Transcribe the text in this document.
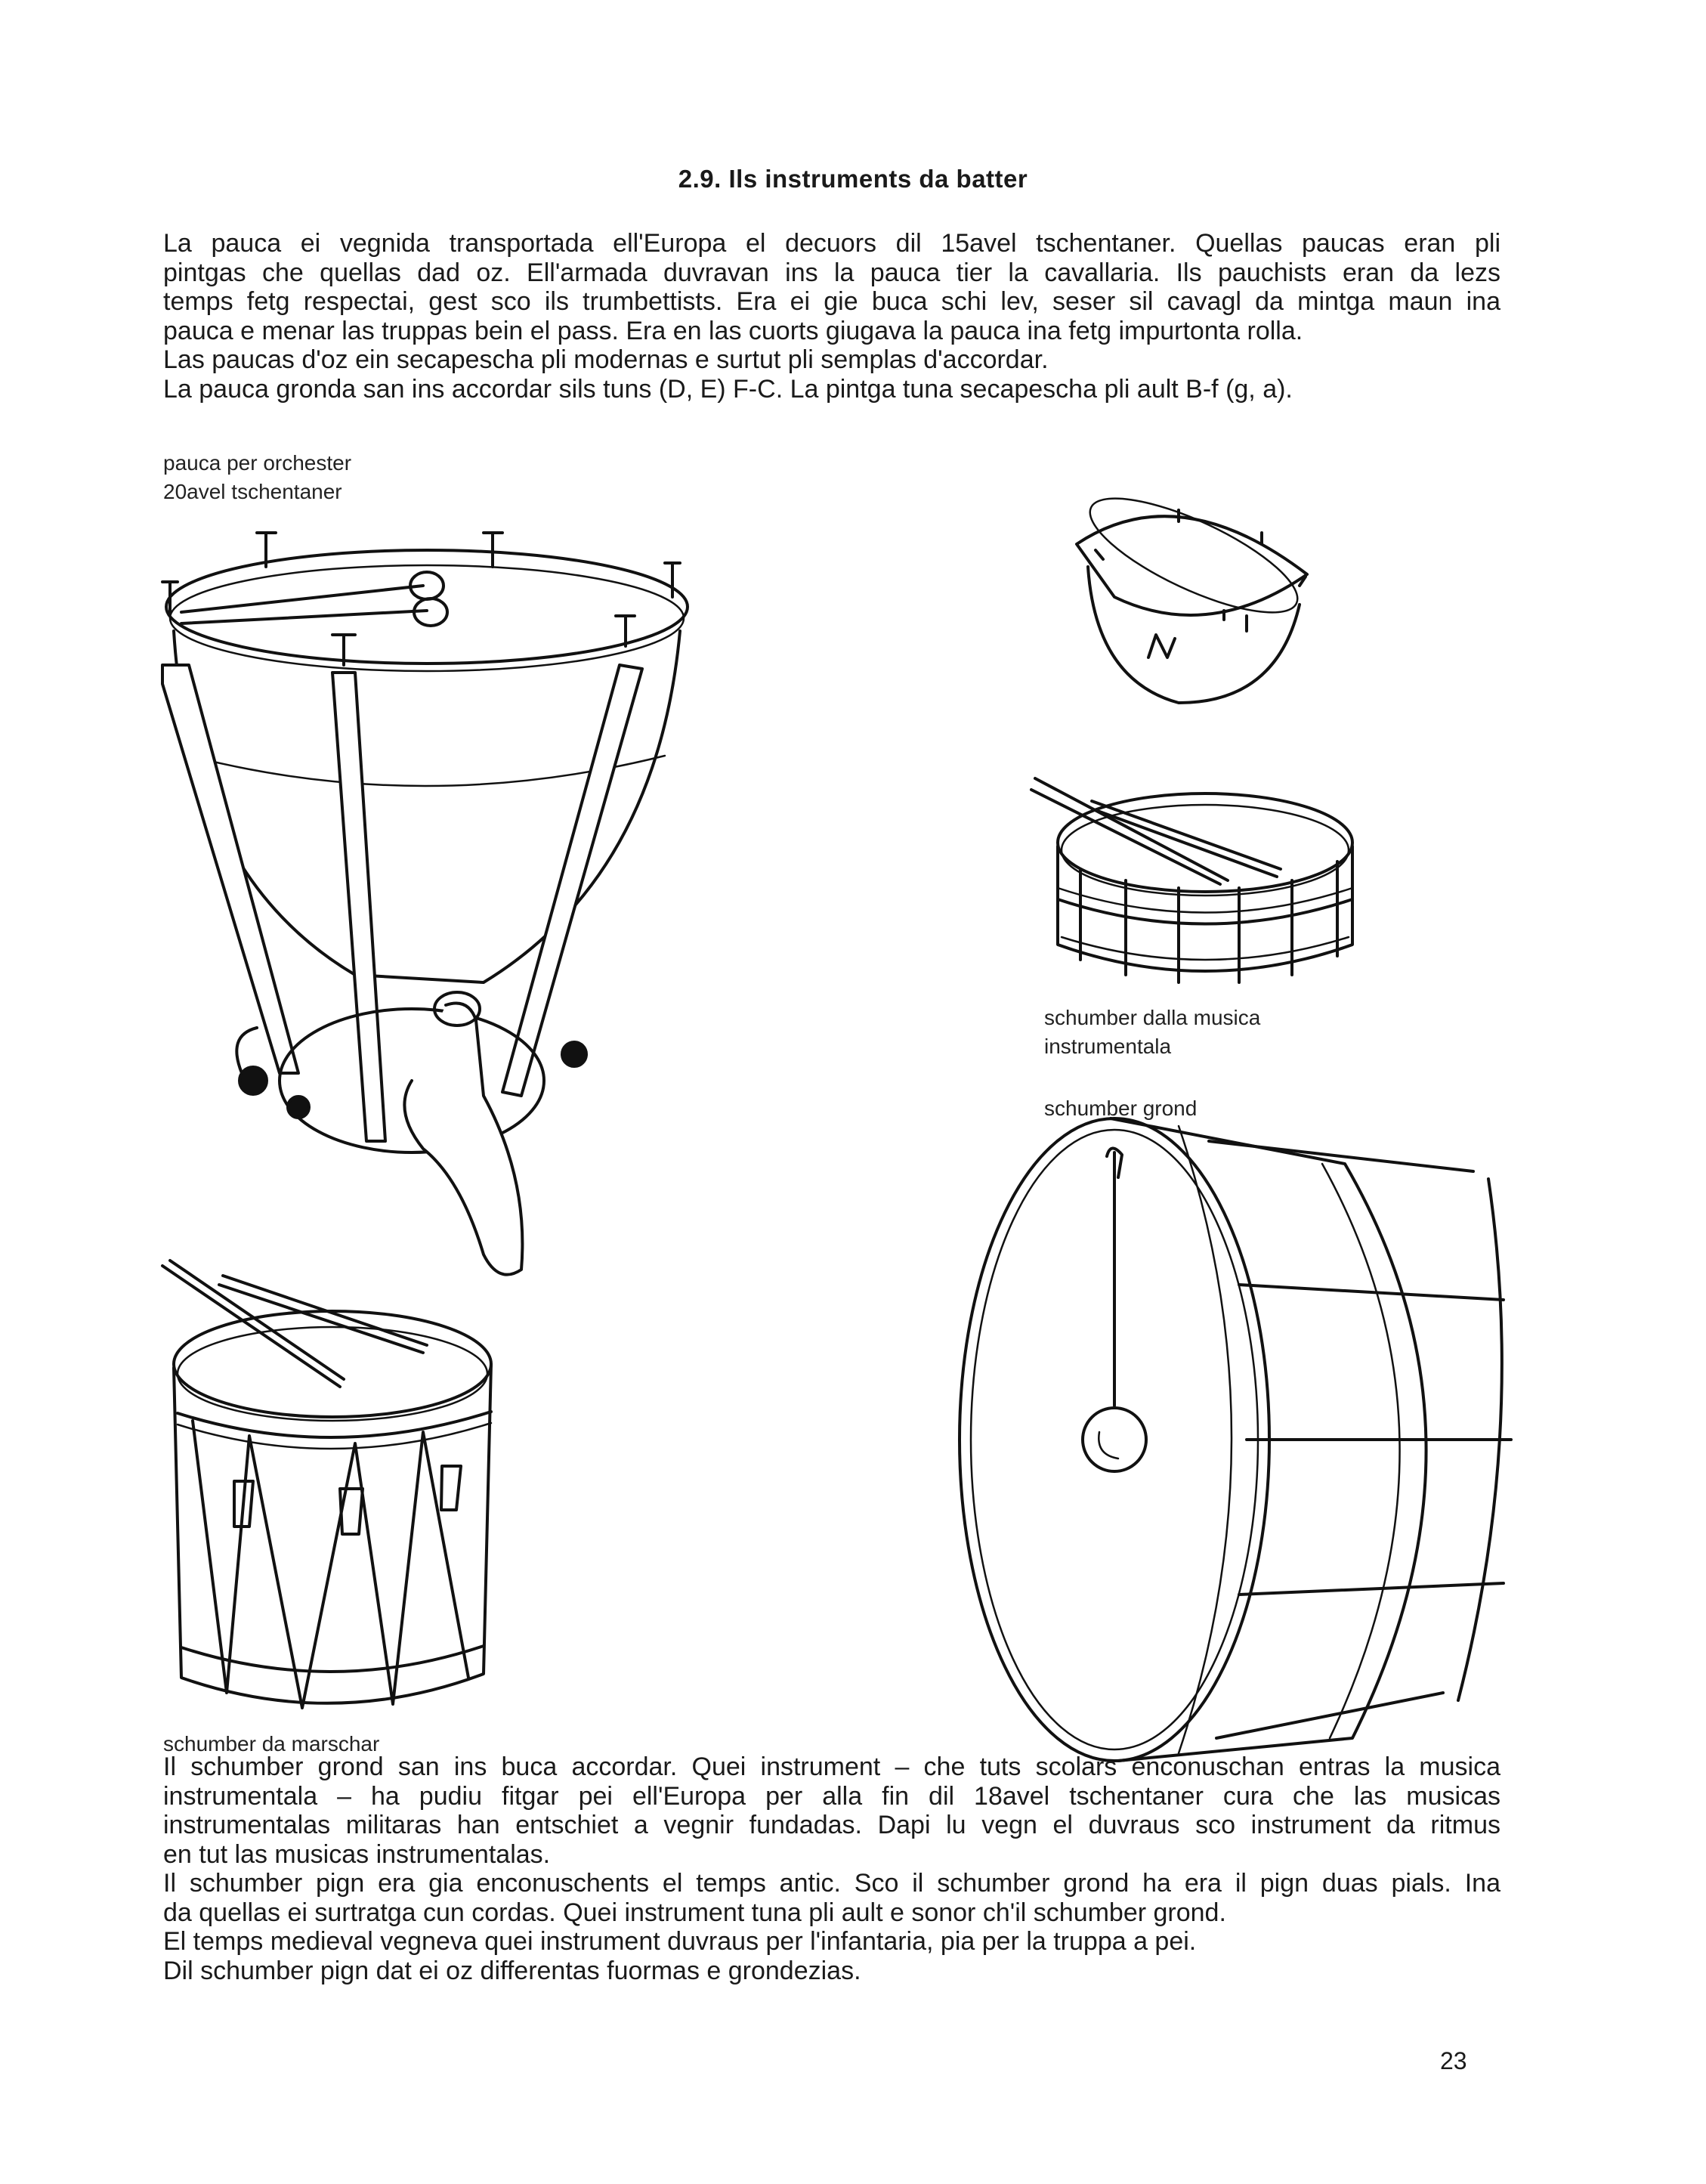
2.9. Ils instruments da batter

La pauca ei vegnida transportada ell'Europa el decuors dil 15avel tschentaner. Quellas paucas eran pli
pintgas che quellas dad oz. Ell'armada duvravan ins la pauca tier la cavallaria. Ils pauchists eran da lezs
temps fetg respectai, gest sco ils trumbettists. Era ei gie buca schi lev, seser sil cavagl da mintga maun ina
pauca e menar las truppas bein el pass. Era en las cuorts giugava la pauca ina fetg impurtonta rolla.
Las paucas d'oz ein secapescha pli modernas e surtut pli semplas d'accordar.
La pauca gronda san ins accordar sils tuns (D, E) F-C. La pintga tuna secapescha pli ault B-f (g, a).

pauca per orchester
20avel tschentaner
schumber dalla musica
instrumentala
schumber grond
schumber da marschar

Il schumber grond san ins buca accordar. Quei instrument – che tuts scolars enconuschan entras la musica
instrumentala – ha pudiu fitgar pei ell'Europa per alla fin dil 18avel tschentaner cura che las musicas
instrumentalas militaras han entschiet a vegnir fundadas. Dapi lu vegn el duvraus sco instrument da ritmus
en tut las musicas instrumentalas.
Il schumber pign era gia enconuschents el temps antic. Sco il schumber grond ha era il pign duas pials. Ina
da quellas ei surtratga cun cordas. Quei instrument tuna pli ault e sonor ch'il schumber grond.
El temps medieval vegneva quei instrument duvraus per l'infantaria, pia per la truppa a pei.
Dil schumber pign dat ei oz differentas fuormas e grondezias.

23
